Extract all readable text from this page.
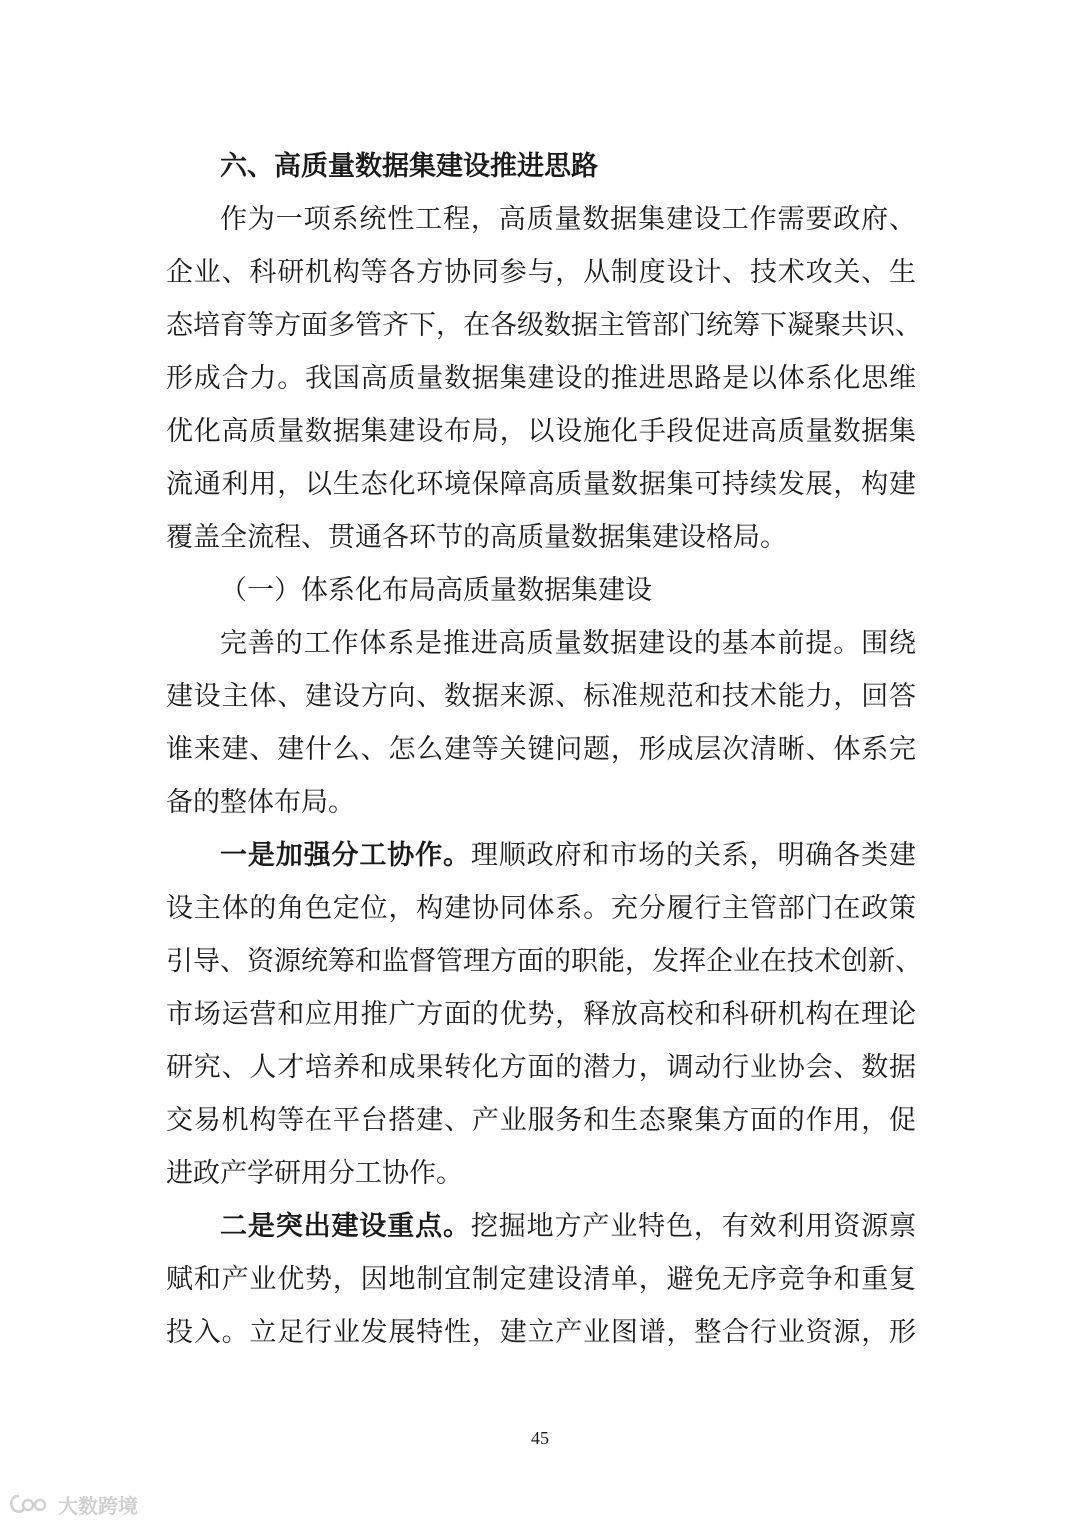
六、高质量数据集建设推进思路
作为一项系统性工程，高质量数据集建设工作需要政府、
企业、科研机构等各方协同参与，从制度设计、技术攻关、生
态培育等方面多管齐下，在各级数据主管部门统筹下凝聚共识、
形成合力。我国高质量数据集建设的推进思路是以体系化思维
优化高质量数据集建设布局，以设施化手段促进高质量数据集
流通利用，以生态化环境保障高质量数据集可持续发展，构建
覆盖全流程、贯通各环节的高质量数据集建设格局。
（一）体系化布局高质量数据集建设
完善的工作体系是推进高质量数据建设的基本前提。围绕
建设主体、建设方向、数据来源、标准规范和技术能力，回答
谁来建、建什么、怎么建等关键问题，形成层次清晰、体系完
备的整体布局。
一是加强分工协作。理顺政府和市场的关系，明确各类建
设主体的角色定位，构建协同体系。充分履行主管部门在政策
引导、资源统筹和监督管理方面的职能，发挥企业在技术创新、
市场运营和应用推广方面的优势，释放高校和科研机构在理论
研究、人才培养和成果转化方面的潜力，调动行业协会、数据
交易机构等在平台搭建、产业服务和生态聚集方面的作用，促
进政产学研用分工协作。
二是突出建设重点。挖掘地方产业特色，有效利用资源禀
赋和产业优势，因地制宜制定建设清单，避免无序竞争和重复
投入。立足行业发展特性，建立产业图谱，整合行业资源，形
45
大数跨境
